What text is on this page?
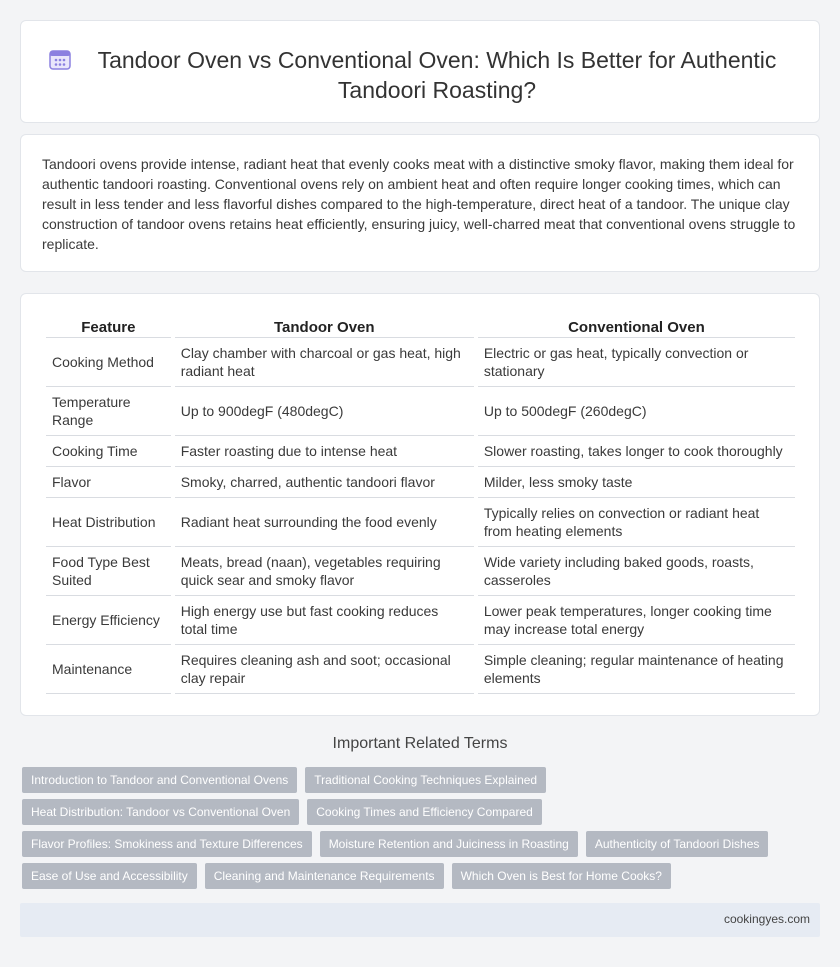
Tandoor Oven vs Conventional Oven: Which Is Better for Authentic Tandoori Roasting?

Tandoori ovens provide intense, radiant heat that evenly cooks meat with a distinctive smoky flavor, making them ideal for authentic tandoori roasting. Conventional ovens rely on ambient heat and often require longer cooking times, which can result in less tender and less flavorful dishes compared to the high-temperature, direct heat of a tandoor. The unique clay construction of tandoor ovens retains heat efficiently, ensuring juicy, well-charred meat that conventional ovens struggle to replicate.

Feature	Tandoor Oven	Conventional Oven
Cooking Method	Clay chamber with charcoal or gas heat, high radiant heat	Electric or gas heat, typically convection or stationary
Temperature Range	Up to 900degF (480degC)	Up to 500degF (260degC)
Cooking Time	Faster roasting due to intense heat	Slower roasting, takes longer to cook thoroughly
Flavor	Smoky, charred, authentic tandoori flavor	Milder, less smoky taste
Heat Distribution	Radiant heat surrounding the food evenly	Typically relies on convection or radiant heat from heating elements
Food Type Best Suited	Meats, bread (naan), vegetables requiring quick sear and smoky flavor	Wide variety including baked goods, roasts, casseroles
Energy Efficiency	High energy use but fast cooking reduces total time	Lower peak temperatures, longer cooking time may increase total energy
Maintenance	Requires cleaning ash and soot; occasional clay repair	Simple cleaning; regular maintenance of heating elements
Important Related Terms
Introduction to Tandoor and Conventional Ovens	Traditional Cooking Techniques Explained
Heat Distribution: Tandoor vs Conventional Oven	Cooking Times and Efficiency Compared
Flavor Profiles: Smokiness and Texture Differences	Moisture Retention and Juiciness in Roasting	Authenticity of Tandoori Dishes
Ease of Use and Accessibility	Cleaning and Maintenance Requirements	Which Oven is Best for Home Cooks?
cookingyes.com
